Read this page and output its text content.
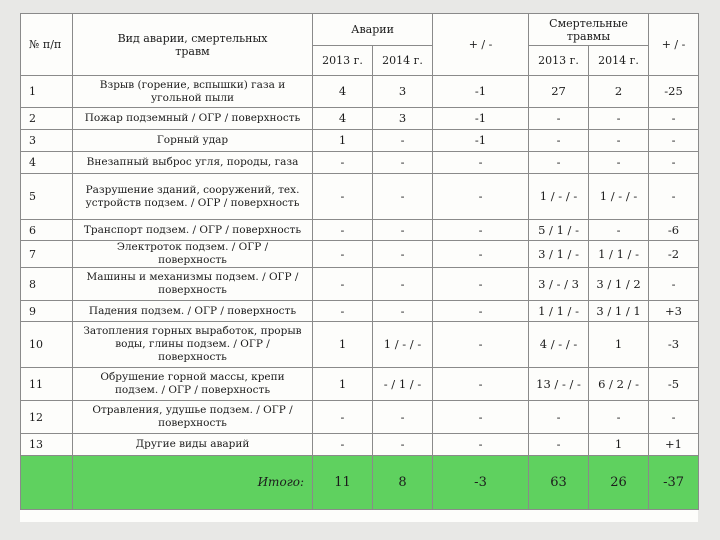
№ п/п	Вид аварии, смертельных травм	Аварии		+ / -	Смертельные травмы		+ / -
		2013 г.	2014 г.		2013 г.	2014 г.	
1	Взрыв (горение, вспышки) газа и угольной пыли	4	3	-1	27	2	-25
2	Пожар подземный / ОГР / поверхность	4	3	-1	-	-	-
3	Горный удар	1	-	-1	-	-	-
4	Внезапный выброс угля, породы, газа	-	-	-	-	-	-
5	Разрушение зданий, сооружений, тех. устройств подзем. / ОГР / поверхность	-	-	-	1 / - / -	1 / - / -	-
6	Транспорт подзем. / ОГР / поверхность	-	-	-	5 / 1 / -	-	-6
7	Электроток подзем. / ОГР / поверхность	-	-	-	3 / 1 / -	1 / 1 / -	-2
8	Машины и механизмы подзем. / ОГР / поверхность	-	-	-	3 / - / 3	3 / 1 / 2	-
9	Падения подзем. / ОГР / поверхность	-	-	-	1 / 1 / -	3 / 1 / 1	+3
10	Затопления горных выработок, прорыв воды, глины подзем. / ОГР / поверхность	1	1 / - / -	-	4 / - / -	1	-3
11	Обрушение горной массы, крепи подзем. / ОГР / поверхность	1	- / 1 / -	-	13 / - / -	6 / 2 / -	-5
12	Отравления, удушье подзем. / ОГР / поверхность	-	-	-	-	-	-
13	Другие виды аварий	-	-	-	-	1	+1
	Итого:	11	8	-3	63	26	-37
